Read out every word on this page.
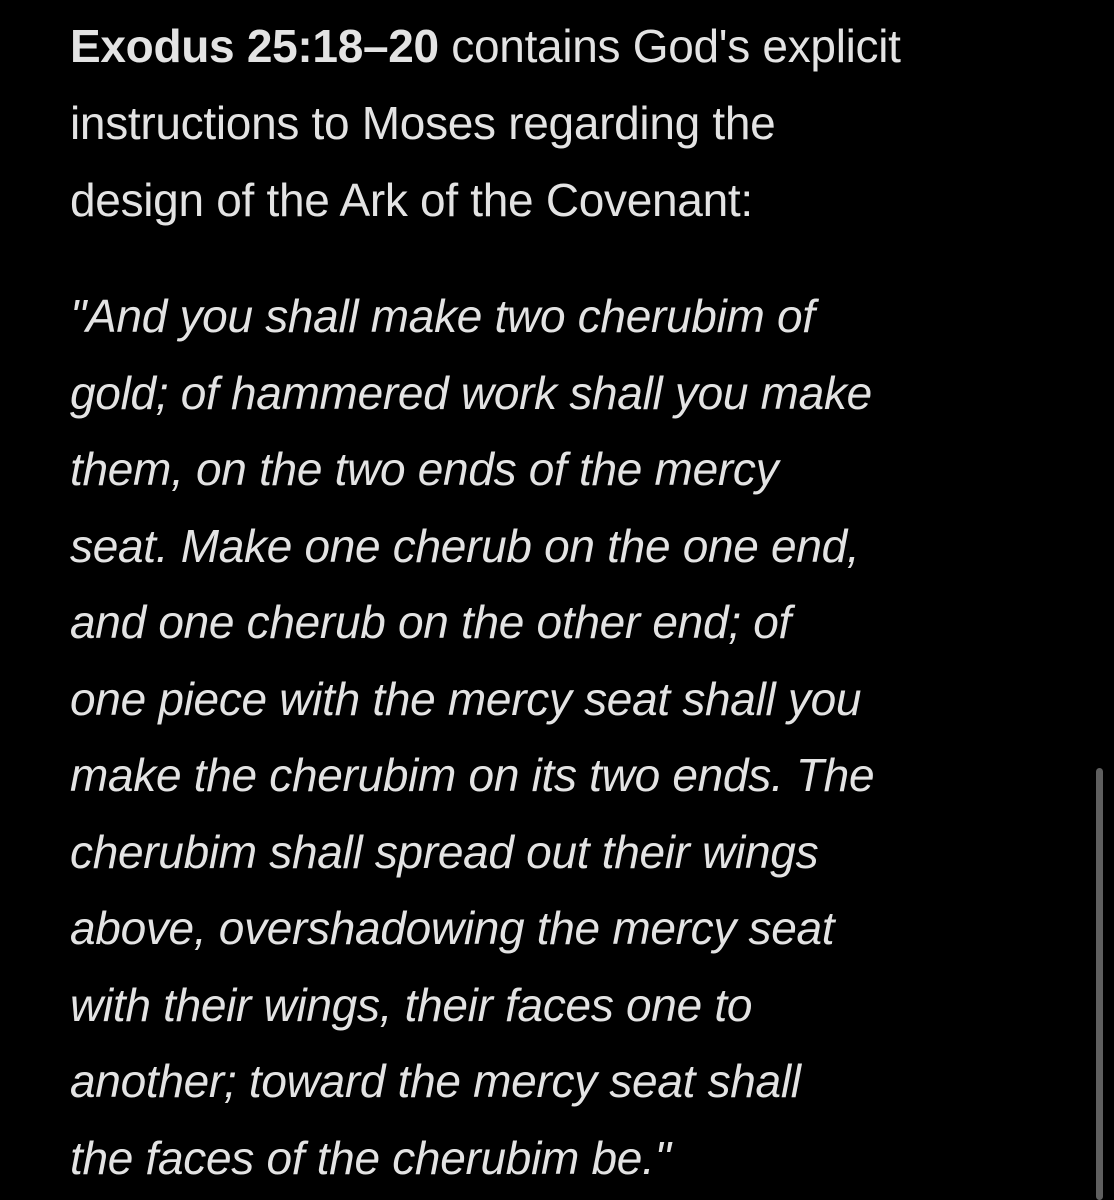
Exodus 25:18–20 contains God's explicit
instructions to Moses regarding the
design of the Ark of the Covenant:
"And you shall make two cherubim of
gold; of hammered work shall you make
them, on the two ends of the mercy
seat. Make one cherub on the one end,
and one cherub on the other end; of
one piece with the mercy seat shall you
make the cherubim on its two ends. The
cherubim shall spread out their wings
above, overshadowing the mercy seat
with their wings, their faces one to
another; toward the mercy seat shall
the faces of the cherubim be."
